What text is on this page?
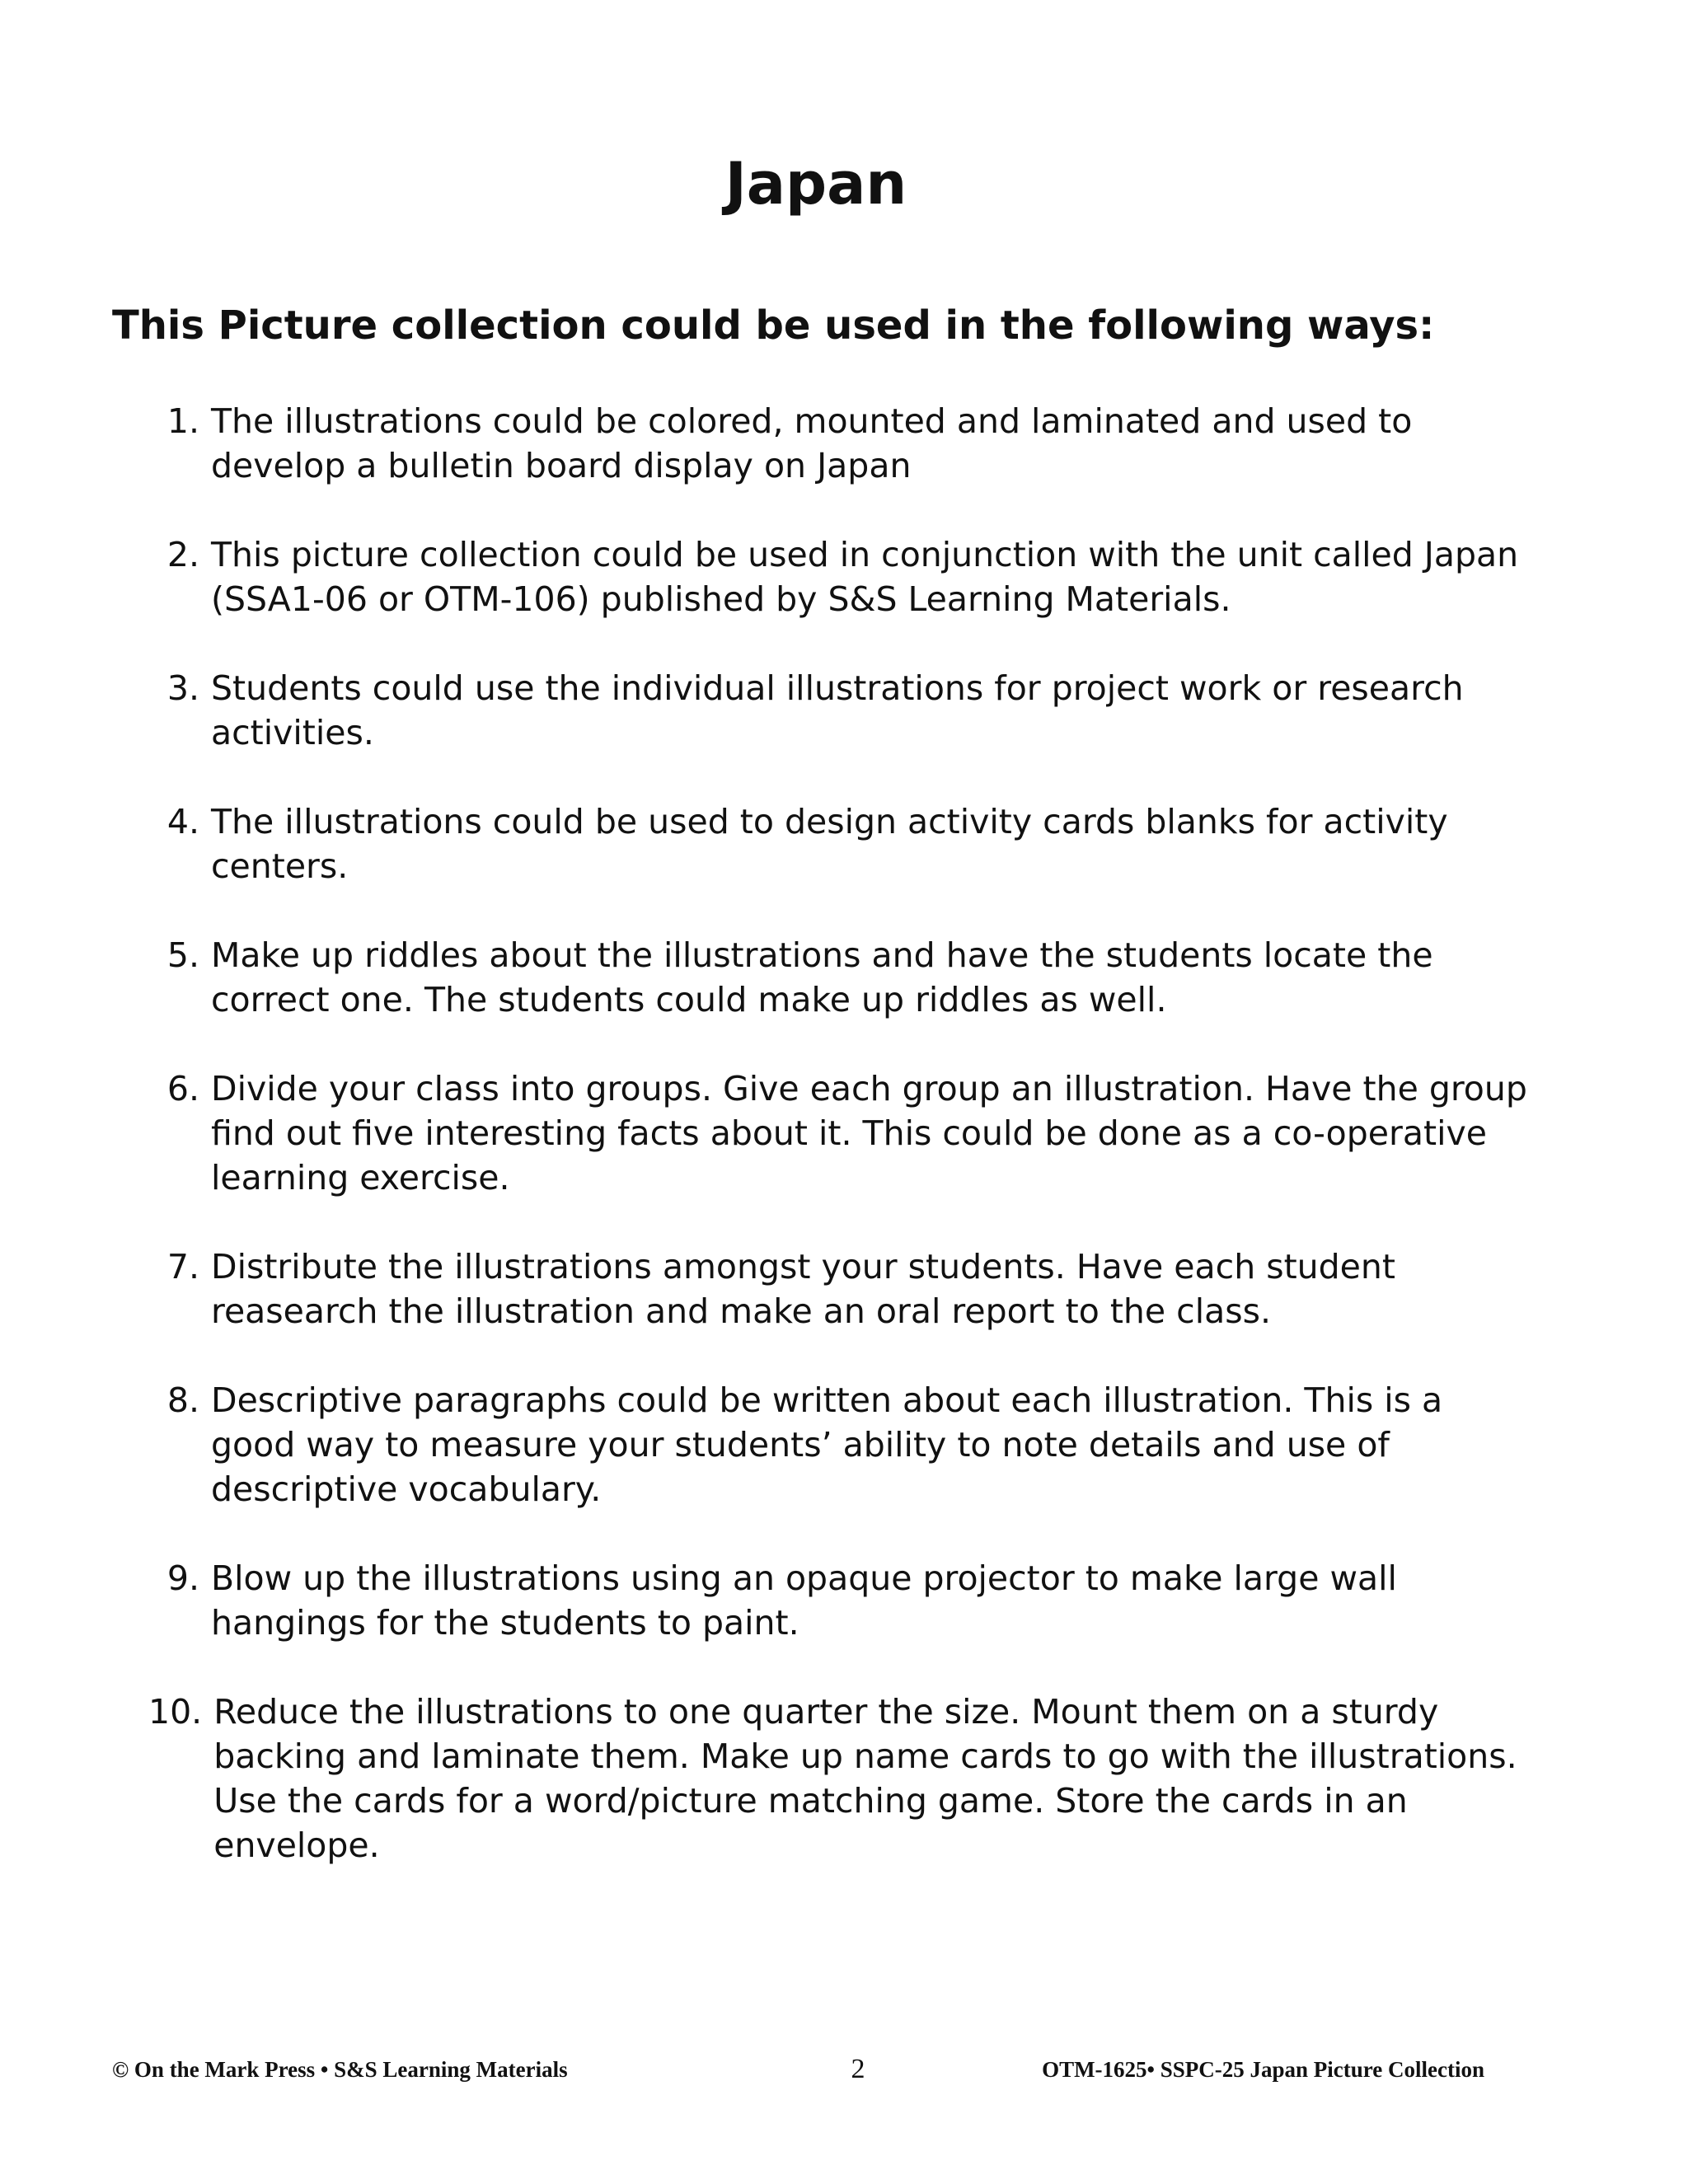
Japan

This Picture collection could be used in the following ways:

1. The illustrations could be colored, mounted and laminated and used to develop a bulletin board display on Japan
2. This picture collection could be used in conjunction with the unit called Japan (SSA1-06 or OTM-106) published by S&S Learning Materials.
3. Students could use the individual illustrations for project work or research activities.
4. The illustrations could be used to design activity cards blanks for activity centers.
5. Make up riddles about the illustrations and have the students locate the correct one. The students could make up riddles as well.
6. Divide your class into groups. Give each group an illustration. Have the group find out five interesting facts about it. This could be done as a co-operative learning exercise.
7. Distribute the illustrations amongst your students. Have each student reasearch the illustration and make an oral report to the class.
8. Descriptive paragraphs could be written about each illustration. This is a good way to measure your students’ ability to note details and use of descriptive vocabulary.
9. Blow up the illustrations using an opaque projector to make large wall hangings for the students to paint.
10. Reduce the illustrations to one quarter the size. Mount them on a sturdy backing and laminate them. Make up name cards to go with the illustrations. Use the cards for a word/picture matching game. Store the cards in an envelope.
© On the Mark Press • S&S Learning Materials	2	OTM-1625• SSPC-25 Japan Picture Collection
